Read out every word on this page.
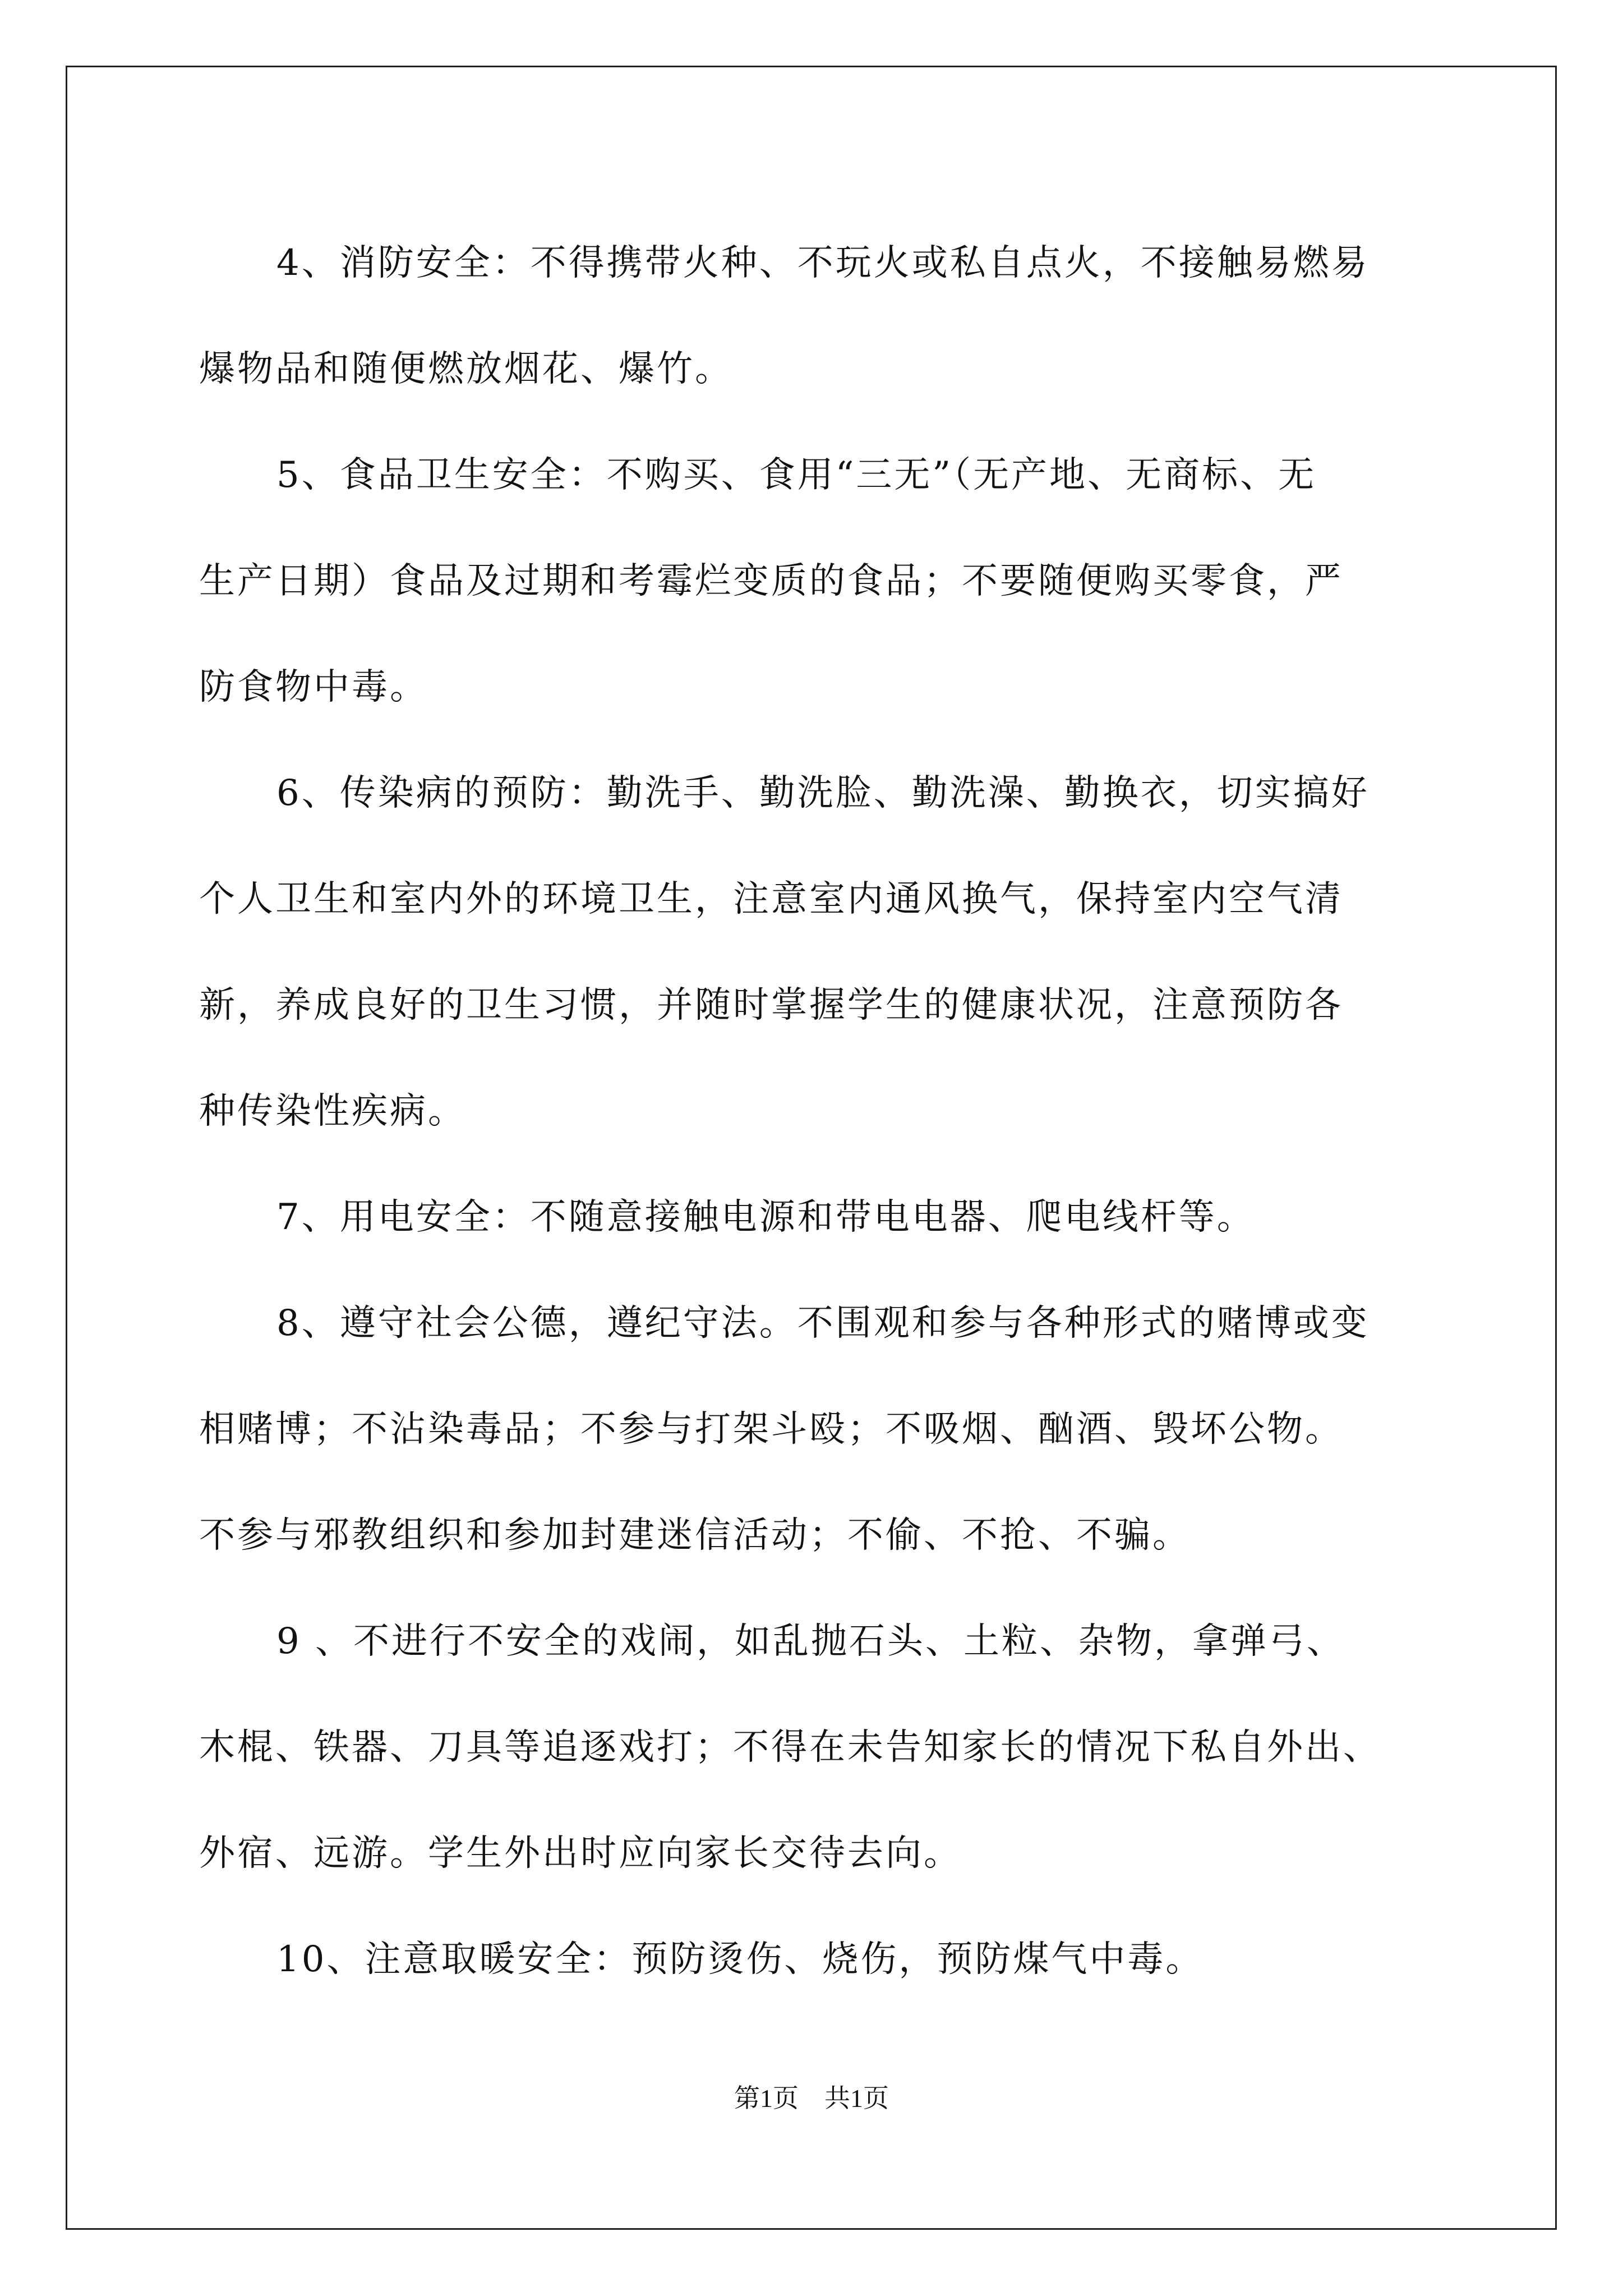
4、消防安全：不得携带火种、不玩火或私自点火，不接触易燃易
爆物品和随便燃放烟花、爆竹。
5、食品卫生安全：不购买、食用“三无”（无产地、无商标、无
生产日期）食品及过期和考霉烂变质的食品；不要随便购买零食，严
防食物中毒。
6、传染病的预防：勤洗手、勤洗脸、勤洗澡、勤换衣，切实搞好
个人卫生和室内外的环境卫生，注意室内通风换气，保持室内空气清
新，养成良好的卫生习惯，并随时掌握学生的健康状况，注意预防各
种传染性疾病。
7、用电安全：不随意接触电源和带电电器、爬电线杆等。
8、遵守社会公德，遵纪守法。不围观和参与各种形式的赌博或变
相赌博；不沾染毒品；不参与打架斗殴；不吸烟、酗酒、毁坏公物。
不参与邪教组织和参加封建迷信活动；不偷、不抢、不骗。
9 、不进行不安全的戏闹，如乱抛石头、土粒、杂物，拿弹弓、
木棍、铁器、刀具等追逐戏打；不得在未告知家长的情况下私自外出、
外宿、远游。学生外出时应向家长交待去向。
10、注意取暖安全：预防烫伤、烧伤，预防煤气中毒。
第1页　共1页
